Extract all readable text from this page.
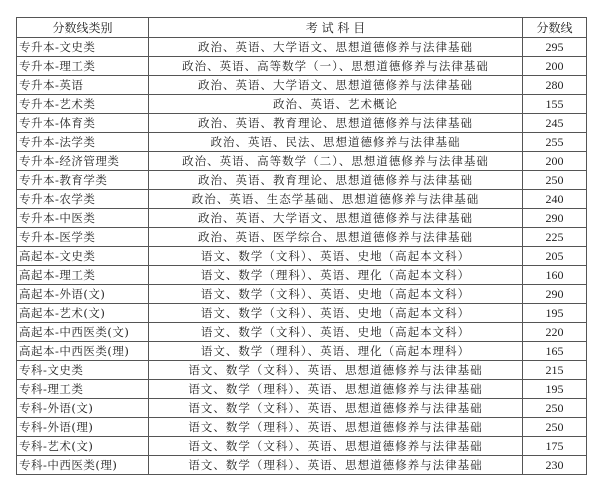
分数线类别	考 试 科 目	分数线
专升本-文史类	政治、英语、大学语文、思想道德修养与法律基础	295
专升本-理工类	政治、英语、高等数学（一）、思想道德修养与法律基础	200
专升本-英语	政治、英语、大学语文、思想道德修养与法律基础	280
专升本-艺术类	政治、英语、艺术概论	155
专升本-体育类	政治、英语、教育理论、思想道德修养与法律基础	245
专升本-法学类	政治、英语、民法、思想道德修养与法律基础	255
专升本-经济管理类	政治、英语、高等数学（二）、思想道德修养与法律基础	200
专升本-教育学类	政治、英语、教育理论、思想道德修养与法律基础	250
专升本-农学类	政治、英语、生态学基础、思想道德修养与法律基础	240
专升本-中医类	政治、英语、大学语文、思想道德修养与法律基础	290
专升本-医学类	政治、英语、医学综合、思想道德修养与法律基础	225
高起本-文史类	语文、数学（文科）、英语、史地（高起本文科）	205
高起本-理工类	语文、数学（理科）、英语、理化（高起本文科）	160
高起本-外语(文)	语文、数学（文科）、英语、史地（高起本文科）	290
高起本-艺术(文)	语文、数学（文科）、英语、史地（高起本文科）	195
高起本-中西医类(文)	语文、数学（文科）、英语、史地（高起本文科）	220
高起本-中西医类(理)	语文、数学（理科）、英语、理化（高起本理科）	165
专科-文史类	语文、数学（文科）、英语、思想道德修养与法律基础	215
专科-理工类	语文、数学（理科）、英语、思想道德修养与法律基础	195
专科-外语(文)	语文、数学（文科）、英语、思想道德修养与法律基础	250
专科-外语(理)	语文、数学（理科）、英语、思想道德修养与法律基础	250
专科-艺术(文)	语文、数学（文科）、英语、思想道德修养与法律基础	175
专科-中西医类(理)	语文、数学（理科）、英语、思想道德修养与法律基础	230
